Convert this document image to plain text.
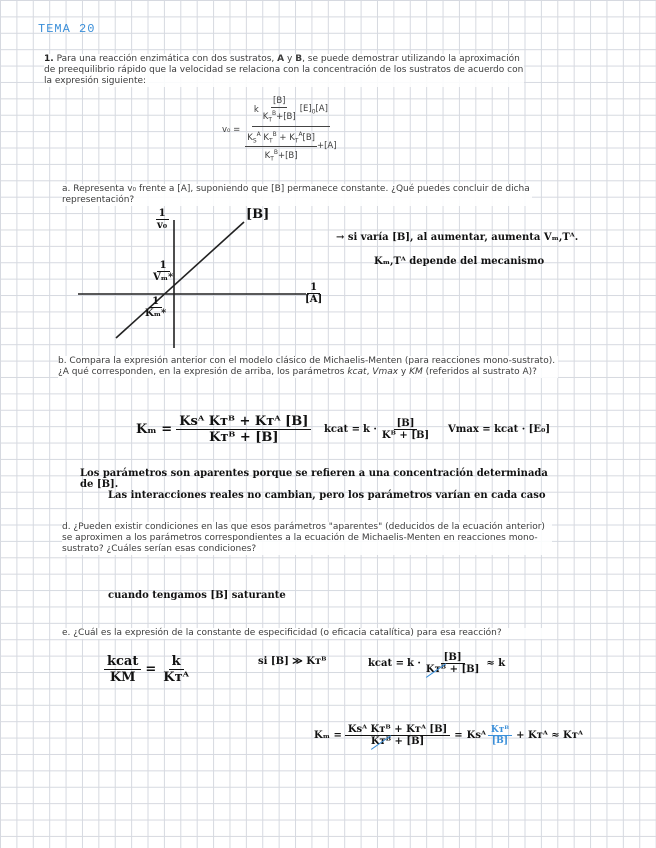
TEMA 20
1. Para una reacción enzimática con dos sustratos, A y B, se puede demostrar utilizando la aproximación de preequilibrio rápido que la velocidad se relaciona con la concentración de los sustratos de acuerdo con la expresión siguiente:
$v_0 = \frac{k \frac{[B]}{K_T^B+[B]} [E]_0[A]}{\frac{K_S^A K_T^B + K_T^A[B]}{K_T^B+[B]} +[A]}$
a. Representa v₀ frente a [A], suponiendo que [B] permanece constante. ¿Qué puedes concluir de dicha representación?
$\frac{1}{\text{v₀}}$	[B]
$\frac{1}{\text{Vₘ*}}$
$\frac{1}{\text{Kₘ*}}$
$\frac{1}{[A]}$
→ si varía [B], al aumentar, aumenta Vₘ,Tᴬ.
Kₘ,Tᴬ depende del mecanismo
b. Compara la expresión anterior con el modelo clásico de Michaelis-Menten (para reacciones mono-sustrato). ¿A qué corresponden, en la expresión de arriba, los parámetros kcat, Vmax y KM (referidos al sustrato A)?
$K_m = \frac{\text{Ksᴬ Kᴛᴮ + Kᴛᴬ [B]}}{\text{Kᴛᴮ + [B]}}$ kcat = $k \cdot \frac{[B]}{\text{Kᴮ + [B]}}$ Vmax = kcat · [E₀]
Los parámetros son aparentes porque se refieren a una concentración determinada de [B].
Las interacciones reales no cambian, pero los parámetros varían en cada caso
d. ¿Pueden existir condiciones en las que esos parámetros "aparentes" (deducidos de la ecuación anterior) se aproximen a los parámetros correspondientes a la ecuación de Michaelis-Menten en reacciones mono-sustrato? ¿Cuáles serían esas condiciones?
cuando tengamos [B] saturante
e. ¿Cuál es la expresión de la constante de especificidad (o eficacia catalítica) para esa reacción?
$\frac{\text{kcat}}{KM} = \frac{k}{\text{Kᴛᴬ}}$	si [B] ≫ Kᴛᴮ	kcat = $k \cdot \frac{[B]}{\text{Kᴛᴮ + [B]}} \approx k$
$K_m = \frac{\text{Ksᴬ Kᴛᴮ + Kᴛᴬ [B]}}{\text{Kᴛᴮ + [B]}}$ = Ksᴬ $\frac{\text{Kᴛᴮ}}{[B]}$ + Kᴛᴬ ≈ Kᴛᴬ
